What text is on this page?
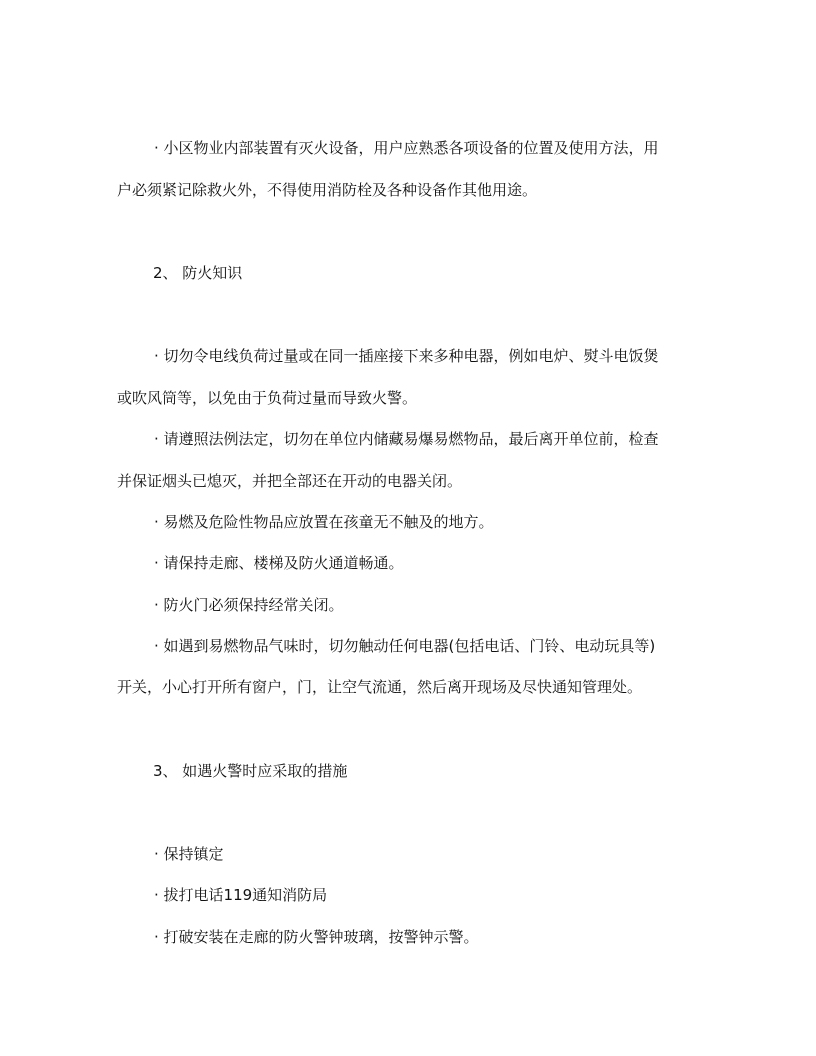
· 小区物业内部装置有灭火设备，用户应熟悉各项设备的位置及使用方法，用
户必须紧记除救火外，不得使用消防栓及各种设备作其他用途。
2、 防火知识
· 切勿令电线负荷过量或在同一插座接下来多种电器，例如电炉、熨斗电饭煲
或吹风筒等，以免由于负荷过量而导致火警。
· 请遵照法例法定，切勿在单位内储藏易爆易燃物品，最后离开单位前，检查
并保证烟头已熄灭，并把全部还在开动的电器关闭。
· 易燃及危险性物品应放置在孩童无不触及的地方。
· 请保持走廊、楼梯及防火通道畅通。
· 防火门必须保持经常关闭。
· 如遇到易燃物品气味时，切勿触动任何电器(包括电话、门铃、电动玩具等)
开关，小心打开所有窗户，门，让空气流通，然后离开现场及尽快通知管理处。
3、 如遇火警时应采取的措施
· 保持镇定
· 拔打电话119通知消防局
· 打破安装在走廊的防火警钟玻璃，按警钟示警。
